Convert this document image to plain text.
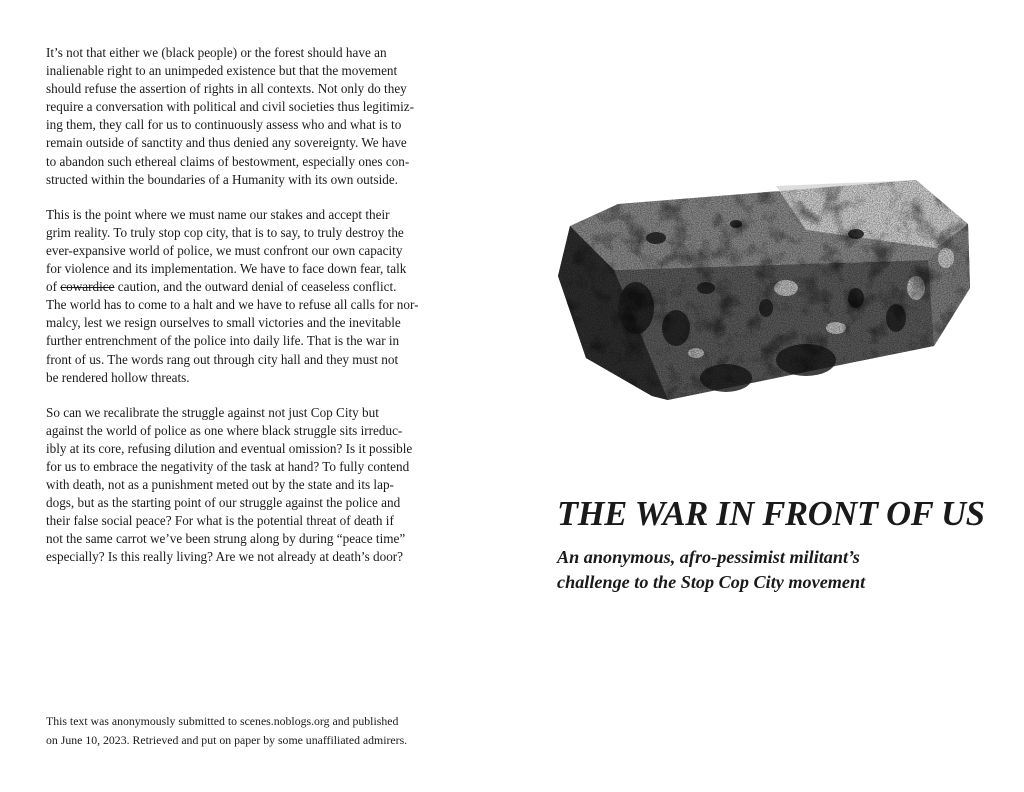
It’s not that either we (black people) or the forest should have an
inalienable right to an unimpeded existence but that the movement
should refuse the assertion of rights in all contexts. Not only do they
require a conversation with political and civil societies thus legitimiz-
ing them, they call for us to continuously assess who and what is to
remain outside of sanctity and thus denied any sovereignty. We have
to abandon such ethereal claims of bestowment, especially ones con-
structed within the boundaries of a Humanity with its own outside.

This is the point where we must name our stakes and accept their
grim reality. To truly stop cop city, that is to say, to truly destroy the
ever-expansive world of police, we must confront our own capacity
for violence and its implementation. We have to face down fear, talk
of cowardice caution, and the outward denial of ceaseless conflict.
The world has to come to a halt and we have to refuse all calls for nor-
malcy, lest we resign ourselves to small victories and the inevitable
further entrenchment of the police into daily life. That is the war in
front of us. The words rang out through city hall and they must not
be rendered hollow threats.

So can we recalibrate the struggle against not just Cop City but
against the world of police as one where black struggle sits irreduc-
ibly at its core, refusing dilution and eventual omission? Is it possible
for us to embrace the negativity of the task at hand? To fully contend
with death, not as a punishment meted out by the state and its lap-
dogs, but as the starting point of our struggle against the police and
their false social peace? For what is the potential threat of death if
not the same carrot we’ve been strung along by during “peace time”
especially? Is this really living? Are we not already at death’s door?

This text was anonymously submitted to scenes.noblogs.org and published
on June 10, 2023. Retrieved and put on paper by some unaffiliated admirers.

THE WAR IN FRONT OF US

An anonymous, afro-pessimist militant’s
challenge to the Stop Cop City movement
